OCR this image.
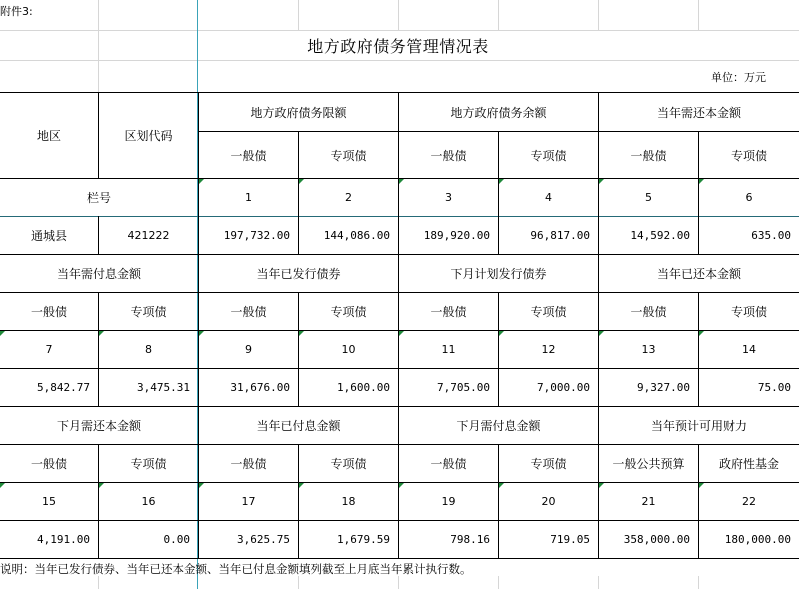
附件3:
地方政府债务管理情况表
单位：万元
地区	区划代码
地方政府债务限额	地方政府债务余额	当年需还本金额
一般债	专项债	一般债	专项债	一般债	专项债
栏号	1	2	3	4	5	6
通城县	421222	197,732.00	144,086.00	189,920.00	96,817.00	14,592.00	635.00
当年需付息金额	当年已发行债券	下月计划发行债券	当年已还本金额
一般债	专项债	一般债	专项债	一般债	专项债	一般债	专项债
7	8	9	10	11	12	13	14
5,842.77	3,475.31	31,676.00	1,600.00	7,705.00	7,000.00	9,327.00	75.00
下月需还本金额	当年已付息金额	下月需付息金额	当年预计可用财力
一般债	专项债	一般债	专项债	一般债	专项债	一般公共预算	政府性基金
15	16	17	18	19	20	21	22
4,191.00	0.00	3,625.75	1,679.59	798.16	719.05	358,000.00	180,000.00
说明：当年已发行债券、当年已还本金额、当年已付息金额填列截至上月底当年累计执行数。
